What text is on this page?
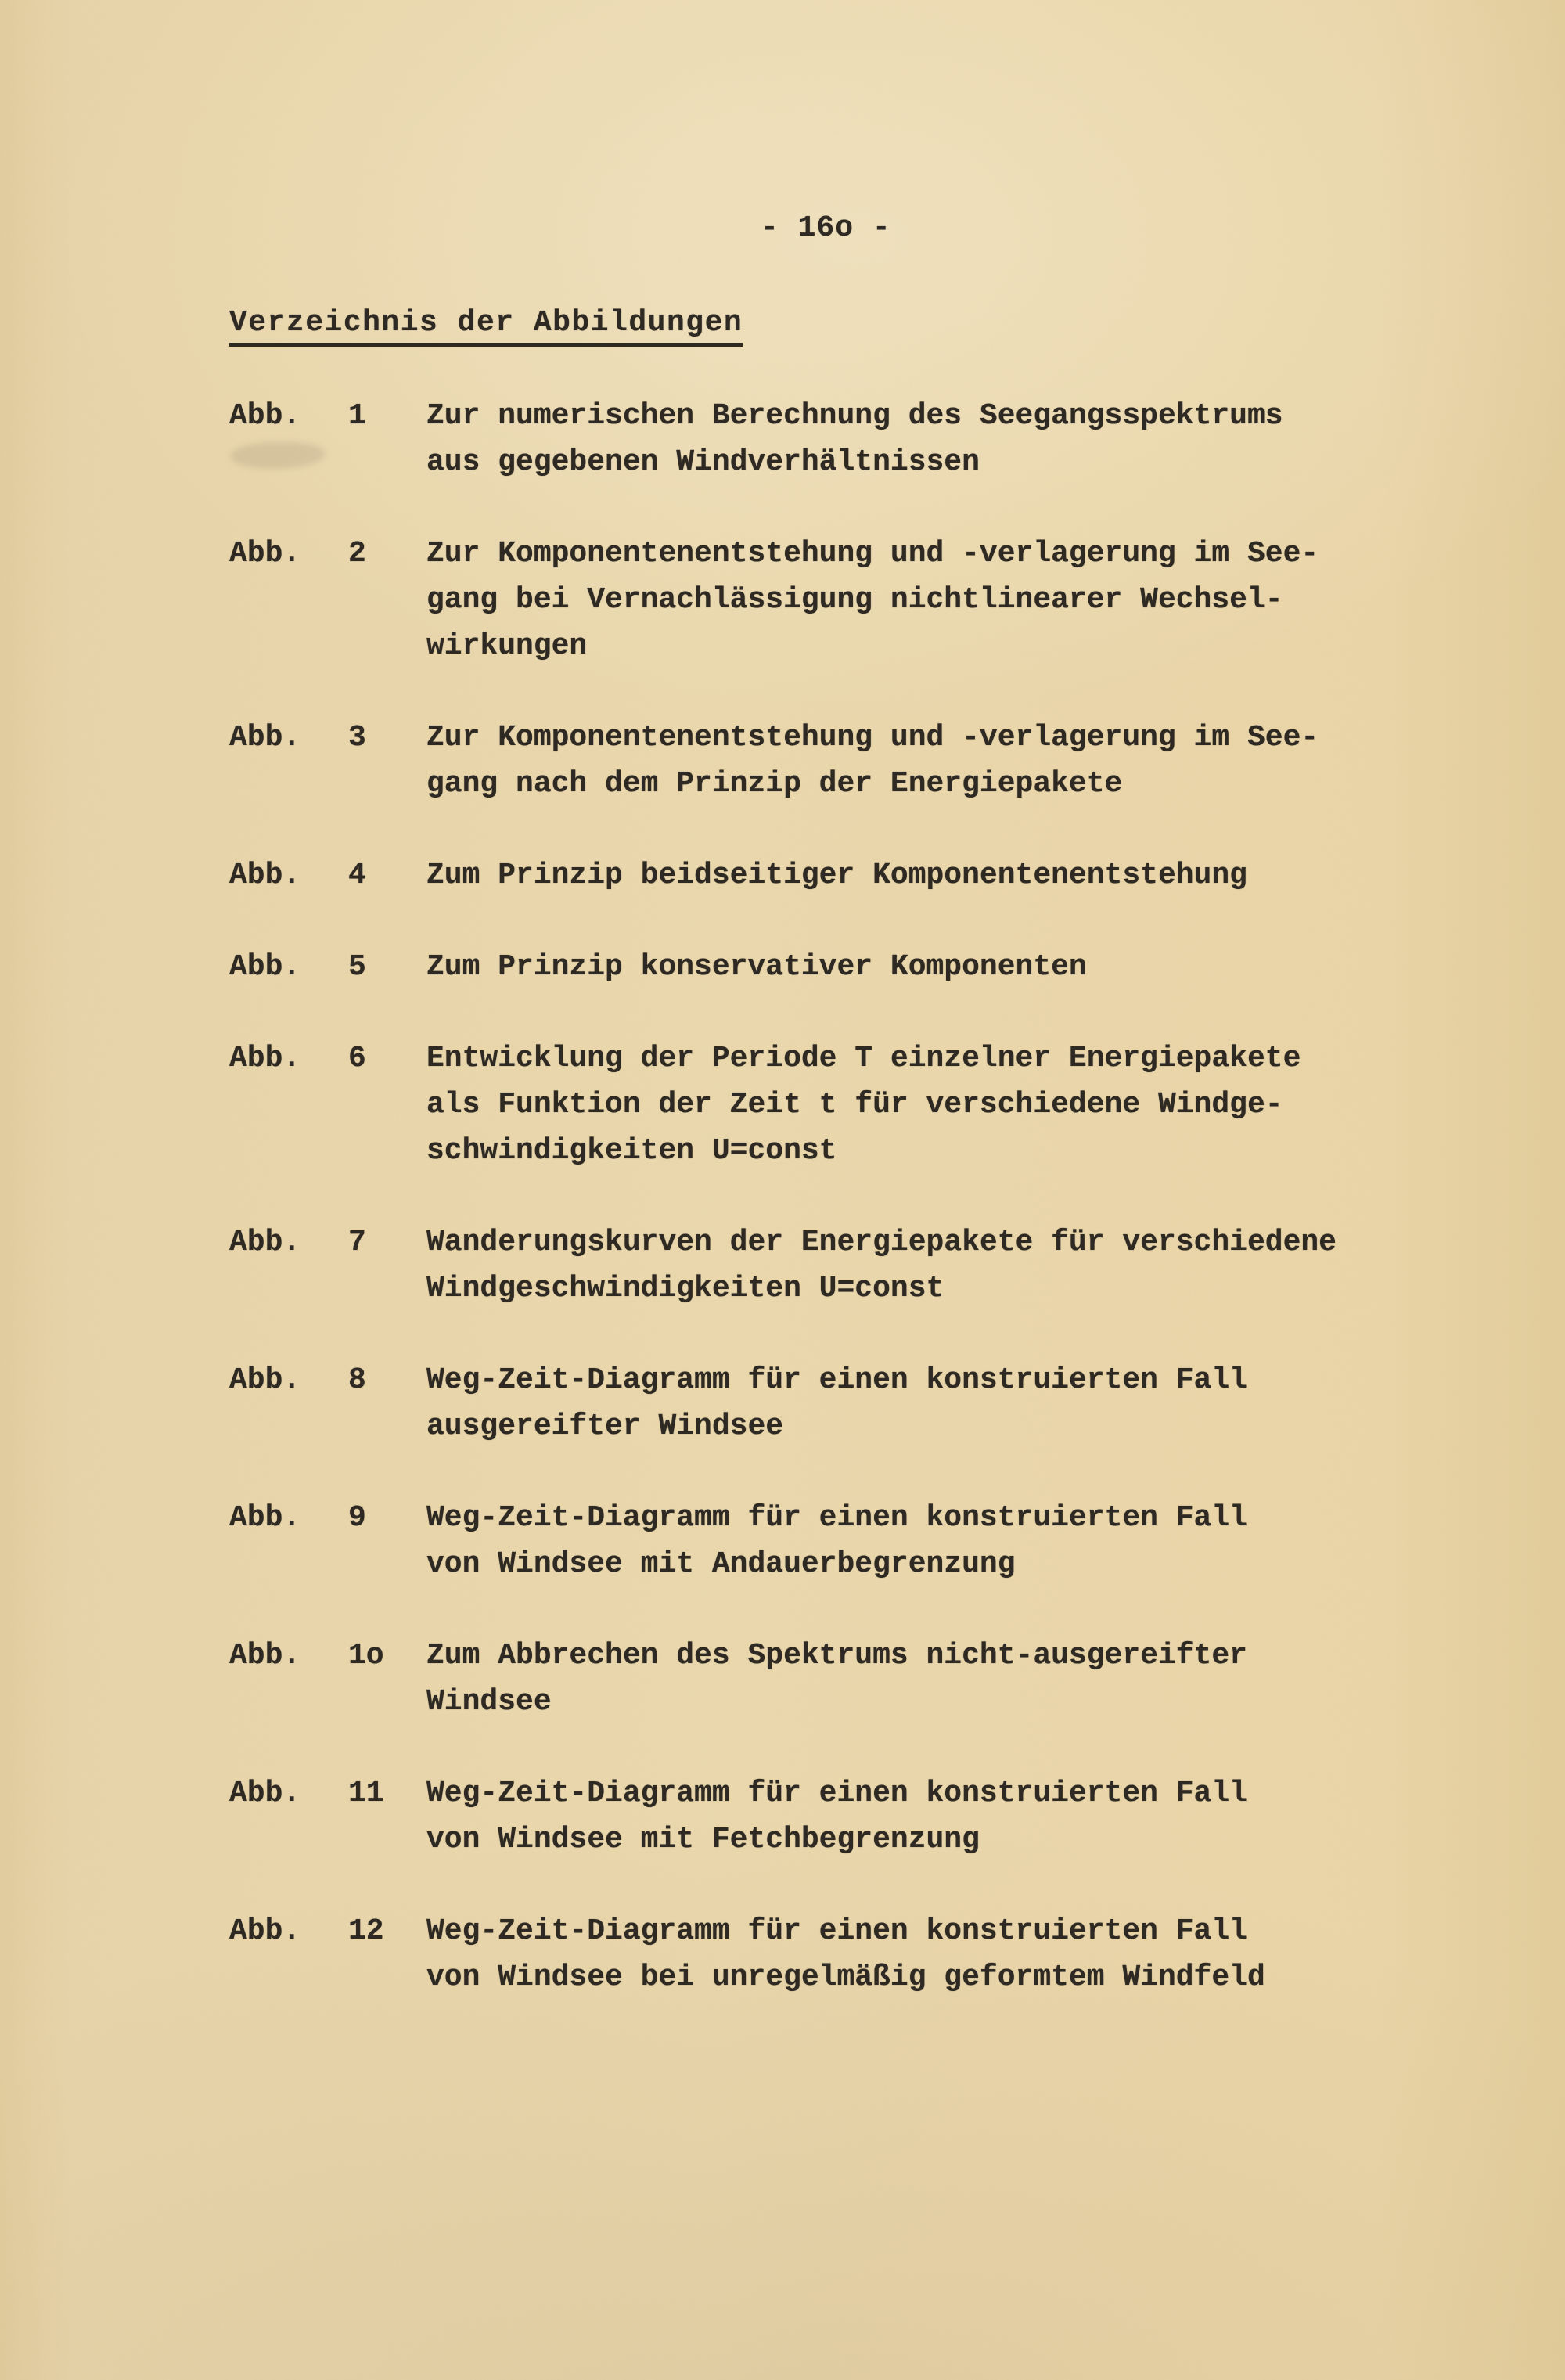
- 16o -
Verzeichnis der Abbildungen
Abb.	1	Zur numerischen Berechnung des Seegangsspektrums
aus gegebenen Windverhältnissen
Abb.	2	Zur Komponentenentstehung und -verlagerung im See-
gang bei Vernachlässigung nichtlinearer Wechsel-
wirkungen
Abb.	3	Zur Komponentenentstehung und -verlagerung im See-
gang nach dem Prinzip der Energiepakete
Abb.	4	Zum Prinzip beidseitiger Komponentenentstehung
Abb.	5	Zum Prinzip konservativer Komponenten
Abb.	6	Entwicklung der Periode T einzelner Energiepakete
als Funktion der Zeit t für verschiedene Windge-
schwindigkeiten U=const
Abb.	7	Wanderungskurven der Energiepakete für verschiedene
Windgeschwindigkeiten U=const
Abb.	8	Weg-Zeit-Diagramm für einen konstruierten Fall
ausgereifter Windsee
Abb.	9	Weg-Zeit-Diagramm für einen konstruierten Fall
von Windsee mit Andauerbegrenzung
Abb.	1o	Zum Abbrechen des Spektrums nicht-ausgereifter
Windsee
Abb.	11	Weg-Zeit-Diagramm für einen konstruierten Fall
von Windsee mit Fetchbegrenzung
Abb.	12	Weg-Zeit-Diagramm für einen konstruierten Fall
von Windsee bei unregelmäßig geformtem Windfeld
